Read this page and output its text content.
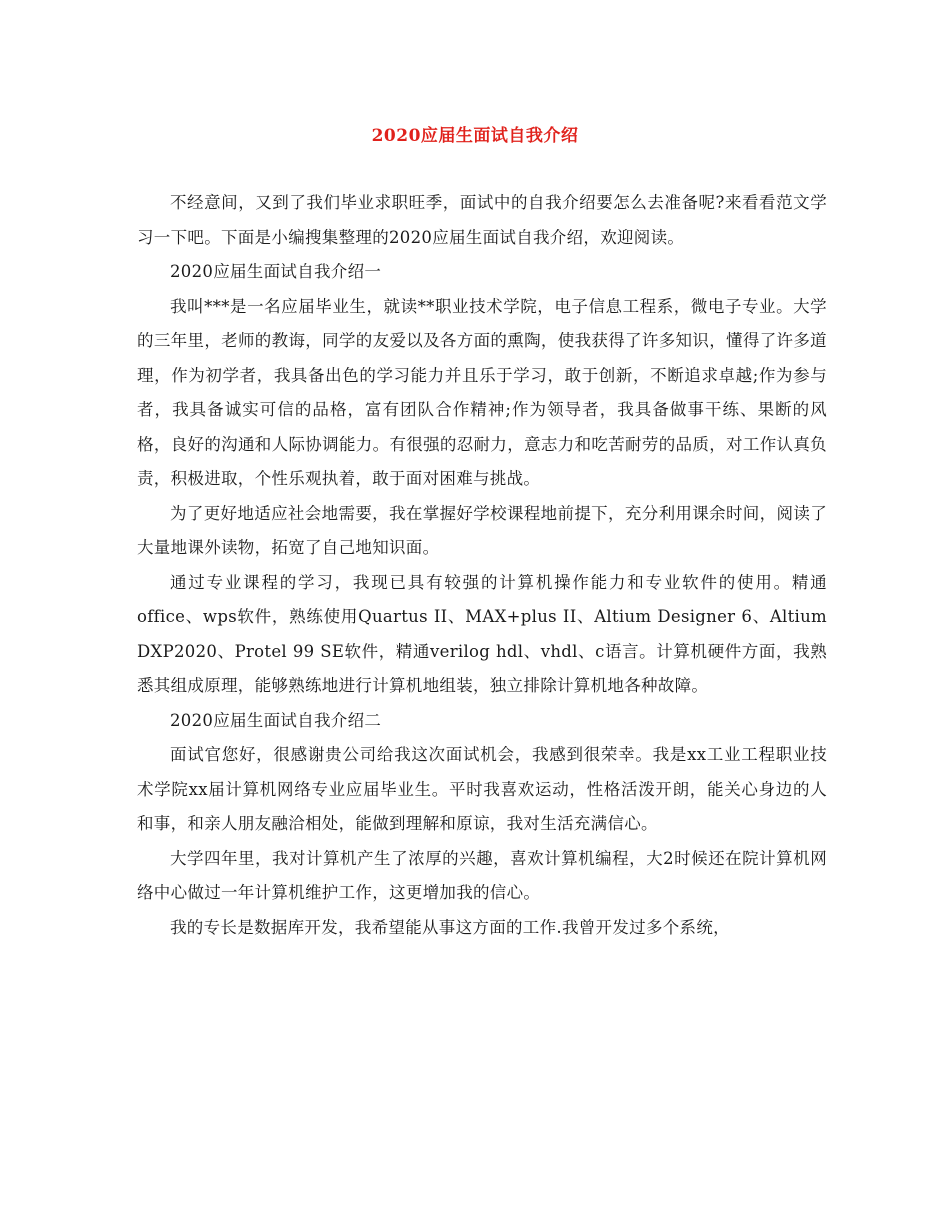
2020应届生面试自我介绍

不经意间，又到了我们毕业求职旺季，面试中的自我介绍要怎么去准备呢?来看看范文学习一下吧。下面是小编搜集整理的2020应届生面试自我介绍，欢迎阅读。

2020应届生面试自我介绍一

我叫***是一名应届毕业生，就读**职业技术学院，电子信息工程系，微电子专业。大学的三年里，老师的教诲，同学的友爱以及各方面的熏陶，使我获得了许多知识，懂得了许多道理，作为初学者，我具备出色的学习能力并且乐于学习，敢于创新，不断追求卓越;作为参与者，我具备诚实可信的品格，富有团队合作精神;作为领导者，我具备做事干练、果断的风格，良好的沟通和人际协调能力。有很强的忍耐力，意志力和吃苦耐劳的品质，对工作认真负责，积极进取，个性乐观执着，敢于面对困难与挑战。

为了更好地适应社会地需要，我在掌握好学校课程地前提下，充分利用课余时间，阅读了大量地课外读物，拓宽了自己地知识面。

通过专业课程的学习，我现已具有较强的计算机操作能力和专业软件的使用。精通office、wps软件，熟练使用Quartus II、MAX+plus II、Altium Designer 6、Altium DXP2020、Protel 99 SE软件，精通verilog hdl、vhdl、c语言。计算机硬件方面，我熟悉其组成原理，能够熟练地进行计算机地组装，独立排除计算机地各种故障。

2020应届生面试自我介绍二

面试官您好，很感谢贵公司给我这次面试机会，我感到很荣幸。我是xx工业工程职业技术学院xx届计算机网络专业应届毕业生。平时我喜欢运动，性格活泼开朗，能关心身边的人和事，和亲人朋友融洽相处，能做到理解和原谅，我对生活充满信心。

大学四年里，我对计算机产生了浓厚的兴趣，喜欢计算机编程，大2时候还在院计算机网络中心做过一年计算机维护工作，这更增加我的信心。

我的专长是数据库开发，我希望能从事这方面的工作.我曾开发过多个系统，
